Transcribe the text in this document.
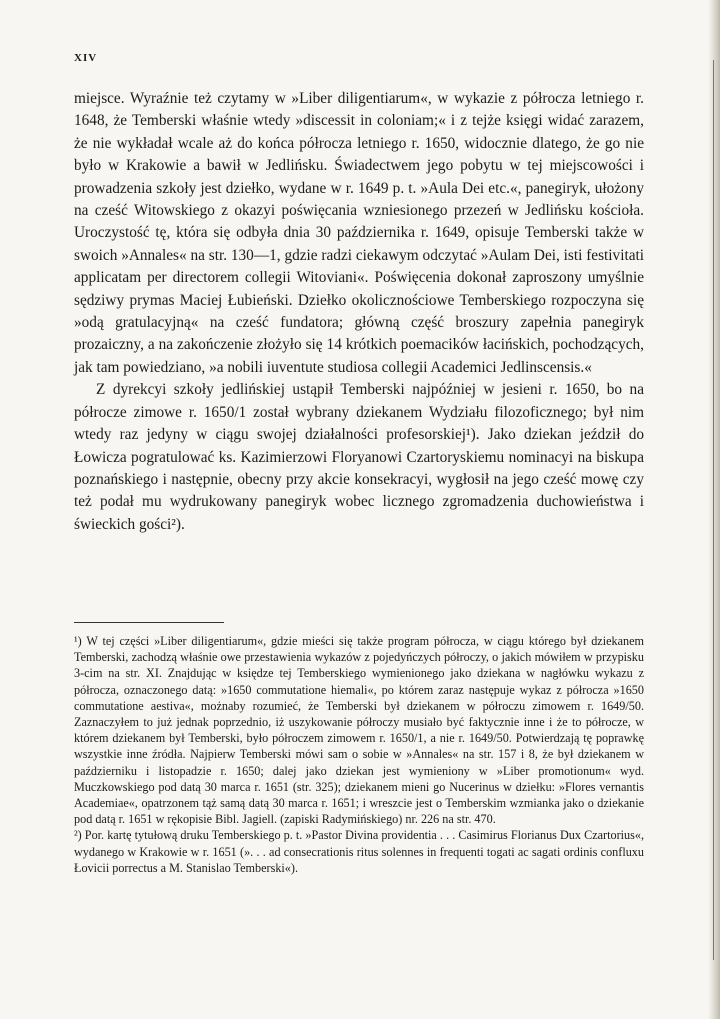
XIV

miejsce. Wyraźnie też czytamy w »Liber diligentiarum«, w wykazie z półrocza letniego r. 1648, że Temberski właśnie wtedy »discessit in coloniam;« i z tejże księgi widać zarazem, że nie wykładał wcale aż do końca półrocza letniego r. 1650, widocznie dlatego, że go nie było w Krakowie a bawił w Jedlińsku. Świadectwem jego pobytu w tej miejscowości i prowadzenia szkoły jest dziełko, wydane w r. 1649 p. t. »Aula Dei etc.«, panegiryk, ułożony na cześć Witowskiego z okazyi poświęcania wzniesionego przezeń w Jedlińsku kościoła. Uroczystość tę, która się odbyła dnia 30 października r. 1649, opisuje Temberski także w swoich »Annales« na str. 130—1, gdzie radzi ciekawym odczytać »Aulam Dei, isti festivitati applicatam per directorem collegii Witoviani«. Poświęcenia dokonał zaproszony umyślnie sędziwy prymas Maciej Łubieński. Dziełko okolicznościowe Temberskiego rozpoczyna się »odą gratulacyjną« na cześć fundatora; główną część broszury zapełnia panegiryk prozaiczny, a na zakończenie złożyło się 14 krótkich poemacików łacińskich, pochodzących, jak tam powiedziano, »a nobili iuventute studiosa collegii Academici Jedlinscensis.«

Z dyrekcyi szkoły jedlińskiej ustąpił Temberski najpóźniej w jesieni r. 1650, bo na półrocze zimowe r. 1650/1 został wybrany dziekanem Wydziału filozoficznego; był nim wtedy raz jedyny w ciągu swojej działalności profesorskiej¹). Jako dziekan jeździł do Łowicza pogratulować ks. Kazimierzowi Floryanowi Czartoryskiemu nominacyi na biskupa poznańskiego i następnie, obecny przy akcie konsekracyi, wygłosił na jego cześć mowę czy też podał mu wydrukowany panegiryk wobec licznego zgromadzenia duchowieństwa i świeckich gości²).

¹) W tej części »Liber diligentiarum«, gdzie mieści się także program półrocza, w ciągu którego był dziekanem Temberski, zachodzą właśnie owe przestawienia wykazów z pojedyńczych półroczy, o jakich mówiłem w przypisku 3-cim na str. XI. Znajdując w księdze tej Temberskiego wymienionego jako dziekana w nagłówku wykazu z półrocza, oznaczonego datą: »1650 commutatione hiemali«, po którem zaraz następuje wykaz z półrocza »1650 commutatione aestiva«, możnaby rozumieć, że Temberski był dziekanem w półroczu zimowem r. 1649/50. Zaznaczyłem to już jednak poprzednio, iż uszykowanie półroczy musiało być faktycznie inne i że to półrocze, w którem dziekanem był Temberski, było półroczem zimowem r. 1650/1, a nie r. 1649/50. Potwierdzają tę poprawkę wszystkie inne źródła. Najpierw Temberski mówi sam o sobie w »Annales« na str. 157 i 8, że był dziekanem w październiku i listopadzie r. 1650; dalej jako dziekan jest wymieniony w »Liber promotionum« wyd. Muczkowskiego pod datą 30 marca r. 1651 (str. 325); dziekanem mieni go Nucerinus w dziełku: »Flores vernantis Academiae«, opatrzonem tąż samą datą 30 marca r. 1651; i wreszcie jest o Temberskim wzmianka jako o dziekanie pod datą r. 1651 w rękopisie Bibl. Jagiell. (zapiski Radymińskiego) nr. 226 na str. 470.

²) Por. kartę tytułową druku Temberskiego p. t. »Pastor Divina providentia . . . Casimirus Florianus Dux Czartorius«, wydanego w Krakowie w r. 1651 (». . . ad consecrationis ritus solennes in frequenti togati ac sagati ordinis confluxu Łovicii porrectus a M. Stanislao Temberski«).
